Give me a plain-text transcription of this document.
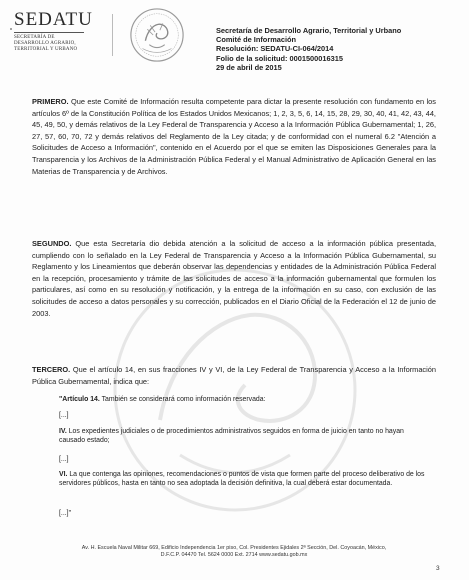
SEDATU
SECRETARÍA DE
DESARROLLO AGRARIO,
TERRITORIAL Y URBANO
Secretaría de Desarrollo Agrario, Territorial y Urbano
Comité de Información
Resolución: SEDATU-CI-064/2014
Folio de la solicitud: 0001500016315
29 de abril de 2015
PRIMERO. Que este Comité de Información resulta competente para dictar la presente resolución con fundamento en los artículos 6º de la Constitución Política de los Estados Unidos Mexicanos; 1, 2, 3, 5, 6, 14, 15, 28, 29, 30, 40, 41, 42, 43, 44, 45, 49, 50, y demás relativos de la Ley Federal de Transparencia y Acceso a la Información Pública Gubernamental; 1, 26, 27, 57, 60, 70, 72 y demás relativos del Reglamento de la Ley citada; y de conformidad con el numeral 6.2 "Atención a Solicitudes de Acceso a Información", contenido en el Acuerdo por el que se emiten las Disposiciones Generales para la Transparencia y los Archivos de la Administración Pública Federal y el Manual Administrativo de Aplicación General en las Materias de Transparencia y de Archivos.
SEGUNDO. Que esta Secretaría dio debida atención a la solicitud de acceso a la información pública presentada, cumpliendo con lo señalado en la Ley Federal de Transparencia y Acceso a la Información Pública Gubernamental, su Reglamento y los Lineamientos que deberán observar las dependencias y entidades de la Administración Pública Federal en la recepción, procesamiento y trámite de las solicitudes de acceso a la información gubernamental que formulen los particulares, así como en su resolución y notificación, y la entrega de la información en su caso, con exclusión de las solicitudes de acceso a datos personales y su corrección, publicados en el Diario Oficial de la Federación el 12 de junio de 2003.
TERCERO. Que el artículo 14, en sus fracciones IV y VI, de la Ley Federal de Transparencia y Acceso a la Información Pública Gubernamental, indica que:
"Artículo 14. También se considerará como información reservada:
[...]
IV. Los expedientes judiciales o de procedimientos administrativos seguidos en forma de juicio en tanto no hayan causado estado;
[...]
VI. La que contenga las opiniones, recomendaciones o puntos de vista que formen parte del proceso deliberativo de los servidores públicos, hasta en tanto no sea adoptada la decisión definitiva, la cual deberá estar documentada.
[...]"
Av. H. Escuela Naval Militar 669, Edificio Independencia 1er piso, Col. Presidentes Ejidales 2ª Sección, Del. Coyoacán, México,
D.F.C.P. 04470 Tel. 5624 0000 Ext. 2714 www.sedatu.gob.mx
3
